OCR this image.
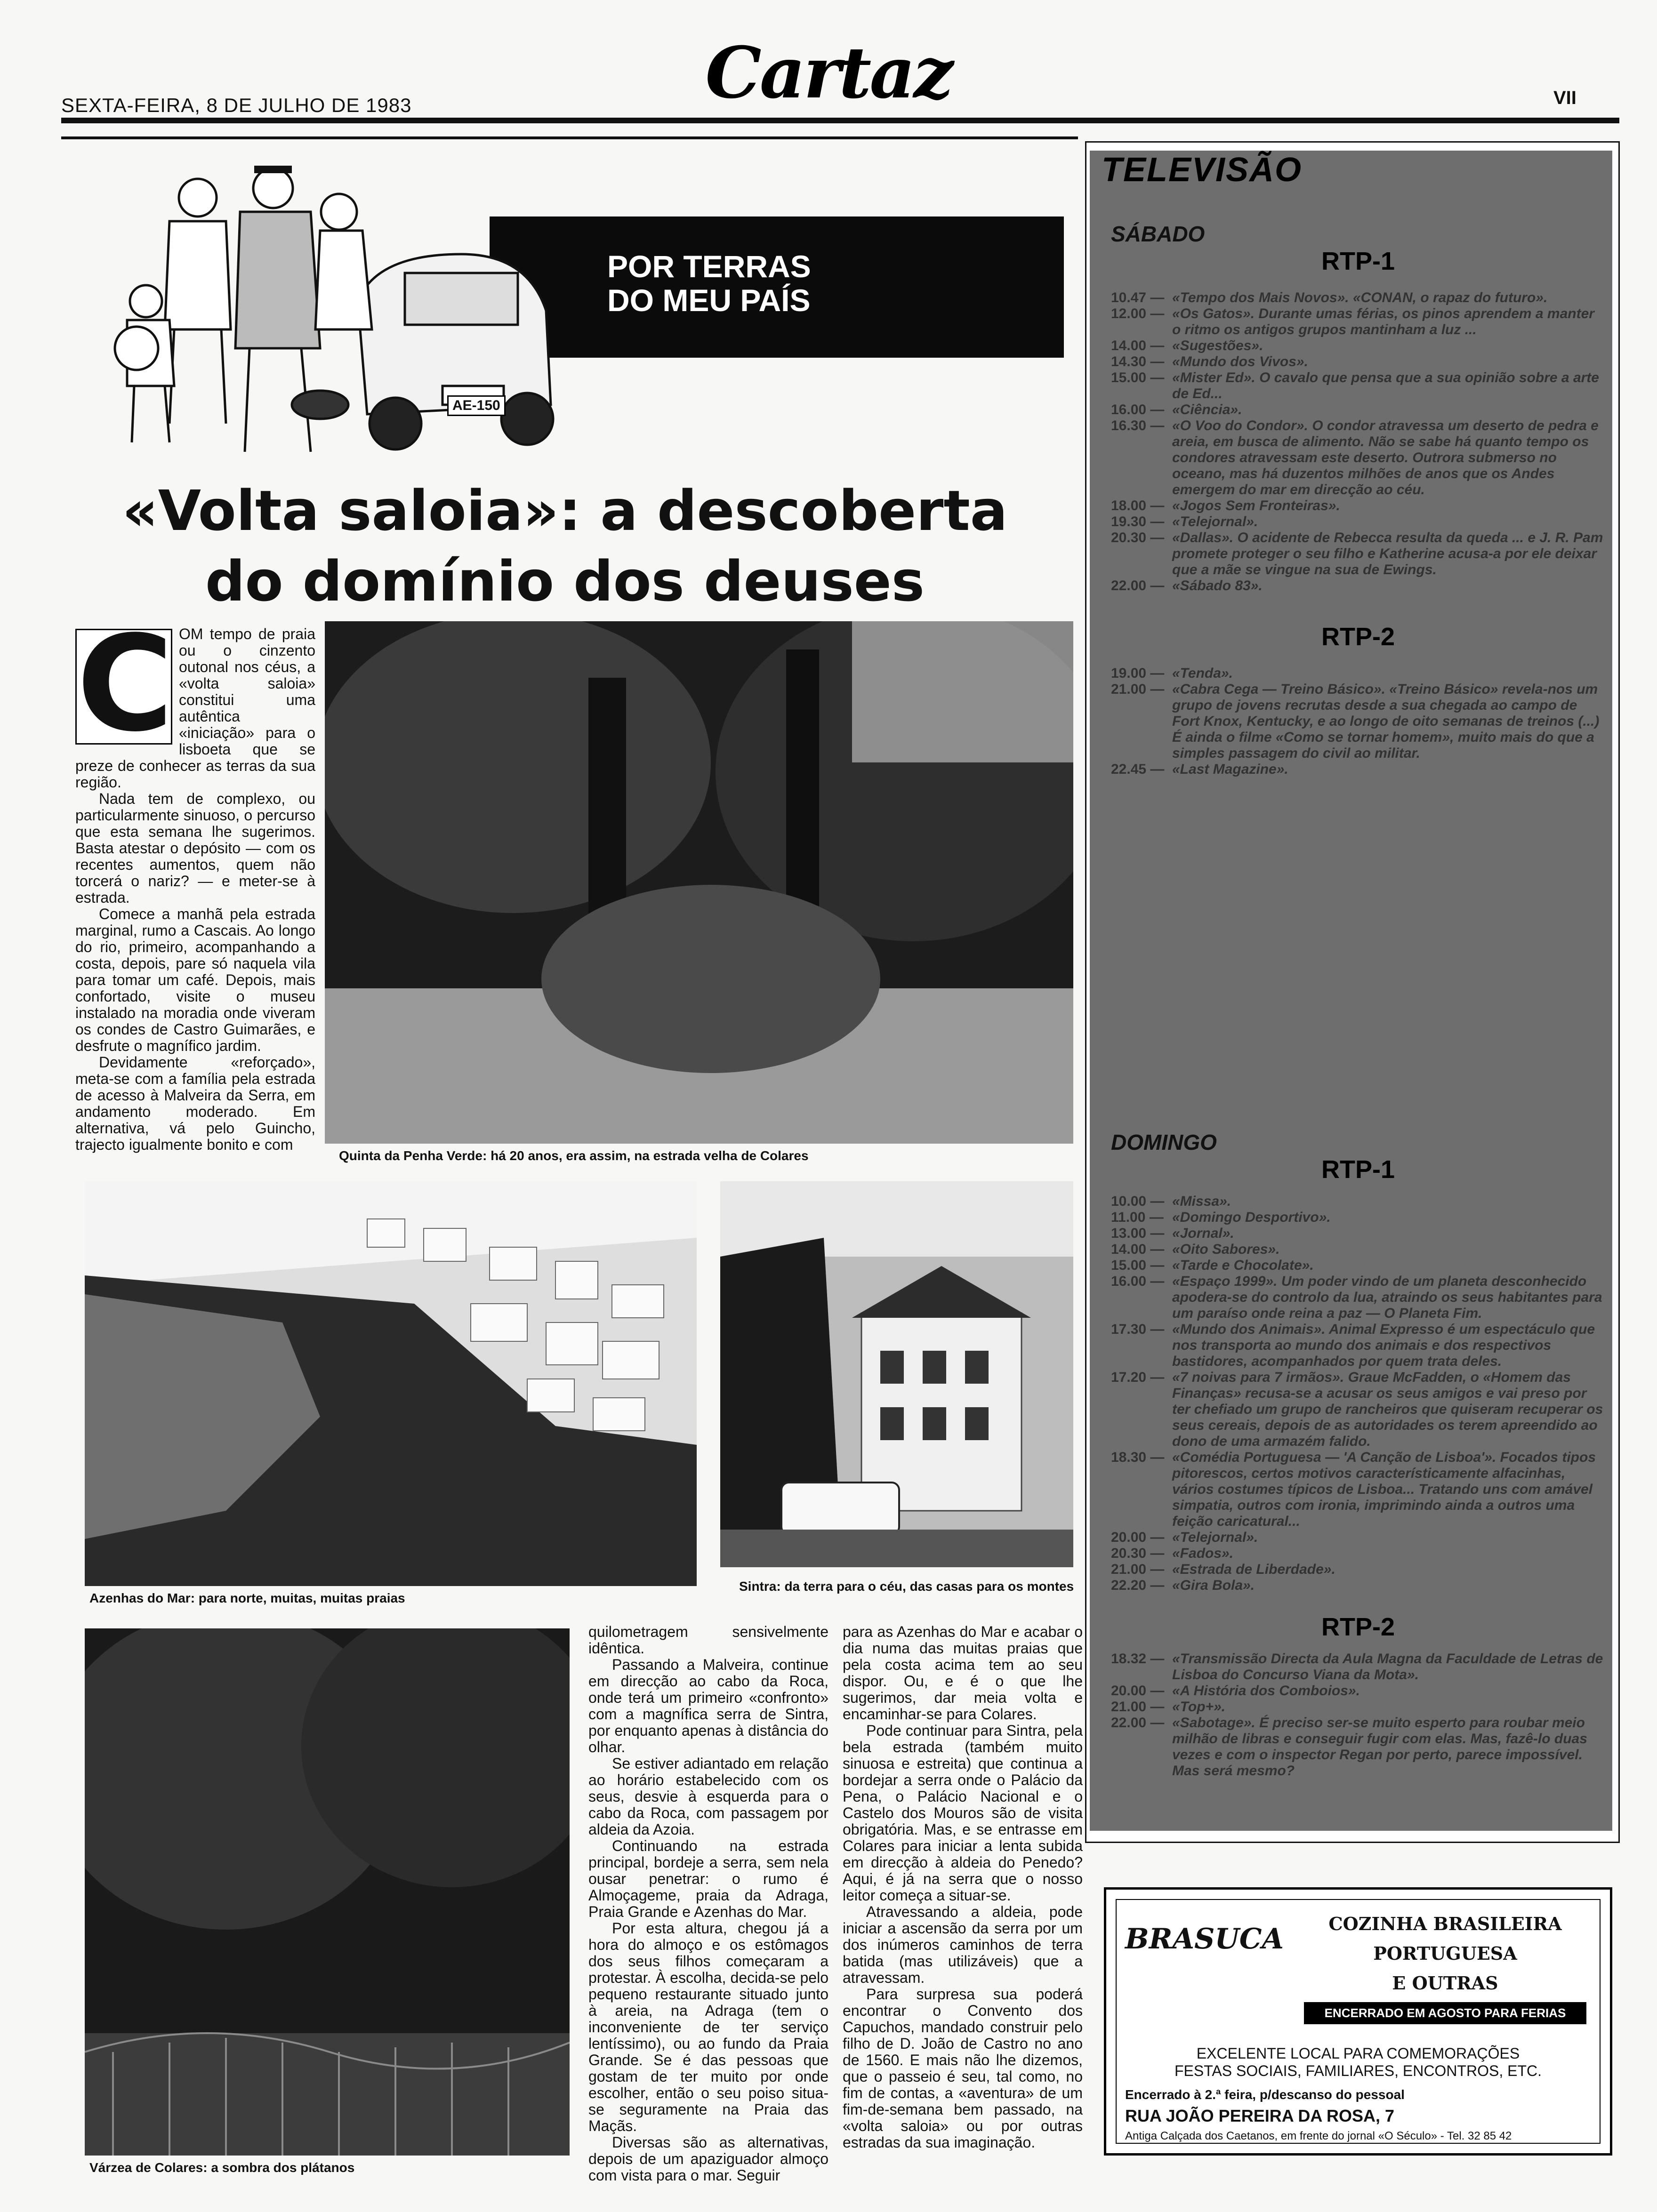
Cartaz
SEXTA-FEIRA, 8 DE JULHO DE 1983	VII
POR TERRAS
DO MEU PAÍS
AE-150
«Volta saloia»: a descoberta
do domínio dos deuses
Quinta da Penha Verde: há 20 anos, era assim, na estrada velha de Colares
C OM tempo de praia ou o cinzento outonal nos céus, a «volta saloia» constitui uma autêntica «iniciação» para o lisboeta que se preze de conhecer as terras da sua região.

Nada tem de complexo, ou particularmente sinuoso, o percurso que esta semana lhe sugerimos. Basta atestar o depósito — com os recentes aumentos, quem não torcerá o nariz? — e meter-se à estrada.

Comece a manhã pela estrada marginal, rumo a Cascais. Ao longo do rio, primeiro, acompanhando a costa, depois, pare só naquela vila para tomar um café. Depois, mais confortado, visite o museu instalado na moradia onde viveram os condes de Castro Guimarães, e desfrute o magnífico jardim.

Devidamente «reforçado», meta-se com a família pela estrada de acesso à Malveira da Serra, em andamento moderado. Em alternativa, vá pelo Guincho, trajecto igualmente bonito e com

Azenhas do Mar: para norte, muitas, muitas praias
Sintra: da terra para o céu, das casas para os montes
Várzea de Colares: a sombra dos plátanos

quilometragem sensivelmente idêntica.

Passando a Malveira, continue em direcção ao cabo da Roca, onde terá um primeiro «confronto» com a magnífica serra de Sintra, por enquanto apenas à distância do olhar.

Se estiver adiantado em relação ao horário estabelecido com os seus, desvie à esquerda para o cabo da Roca, com passagem por aldeia da Azoia.

Continuando na estrada principal, bordeje a serra, sem nela ousar penetrar: o rumo é Almoçageme, praia da Adraga, Praia Grande e Azenhas do Mar.

Por esta altura, chegou já a hora do almoço e os estômagos dos seus filhos começaram a protestar. À escolha, decida-se pelo pequeno restaurante situado junto à areia, na Adraga (tem o inconveniente de ter serviço lentíssimo), ou ao fundo da Praia Grande. Se é das pessoas que gostam de ter muito por onde escolher, então o seu poiso situa-se seguramente na Praia das Maçãs.

Diversas são as alternativas, depois de um apaziguador almoço com vista para o mar. Seguir

para as Azenhas do Mar e acabar o dia numa das muitas praias que pela costa acima tem ao seu dispor. Ou, e é o que lhe sugerimos, dar meia volta e encaminhar-se para Colares.

Pode continuar para Sintra, pela bela estrada (também muito sinuosa e estreita) que continua a bordejar a serra onde o Palácio da Pena, o Palácio Nacional e o Castelo dos Mouros são de visita obrigatória. Mas, e se entrasse em Colares para iniciar a lenta subida em direcção à aldeia do Penedo? Aqui, é já na serra que o nosso leitor começa a situar-se.

Atravessando a aldeia, pode iniciar a ascensão da serra por um dos inúmeros caminhos de terra batida (mas utilizáveis) que a atravessam.

Para surpresa sua poderá encontrar o Convento dos Capuchos, mandado construir pelo filho de D. João de Castro no ano de 1560. E mais não lhe dizemos, que o passeio é seu, tal como, no fim de contas, a «aventura» de um fim-de-semana bem passado, na «volta saloia» ou por outras estradas da sua imaginação.

TELEVISÃO
SÁBADO
RTP-1
10.47 — «Tempo dos Mais Novos». «CONAN, o rapaz do futuro».
12.00 — «Os Gatos». Durante umas férias, os pinos aprendem a manter o ritmo os antigos grupos mantinham a luz ...
14.00 — «Sugestões».
14.30 — «Mundo dos Vivos».
15.00 — «Mister Ed». O cavalo que pensa que a sua opinião sobre a arte de Ed...
16.00 — «Ciência».
16.30 — «O Voo do Condor». O condor atravessa um deserto de pedra e areia, em busca de alimento. Não se sabe há quanto tempo os condores atravessam este deserto. Outrora submerso no oceano, mas há duzentos milhões de anos que os Andes emergem do mar em direcção ao céu.
18.00 — «Jogos Sem Fronteiras».
19.30 — «Telejornal».
20.30 — «Dallas». O acidente de Rebecca resulta da queda ... e J. R. Pam promete proteger o seu filho e Katherine acusa-a por ele deixar que a mãe se vingue na sua de Ewings.
22.00 — «Sábado 83».
RTP-2
19.00 — «Tenda».
21.00 — «Cabra Cega — Treino Básico». «Treino Básico» revela-nos um grupo de jovens recrutas desde a sua chegada ao campo de Fort Knox, Kentucky, e ao longo de oito semanas de treinos (...) É ainda o filme «Como se tornar homem», muito mais do que a simples passagem do civil ao militar.
22.45 — «Last Magazine».
DOMINGO
RTP-1
10.00 — «Missa».
11.00 — «Domingo Desportivo».
13.00 — «Jornal».
14.00 — «Oito Sabores».
15.00 — «Tarde e Chocolate».
16.00 — «Espaço 1999». Um poder vindo de um planeta desconhecido apodera-se do controlo da lua, atraindo os seus habitantes para um paraíso onde reina a paz — O Planeta Fim.
17.30 — «Mundo dos Animais». Animal Expresso é um espectáculo que nos transporta ao mundo dos animais e dos respectivos bastidores, acompanhados por quem trata deles.
17.20 — «7 noivas para 7 irmãos». Graue McFadden, o «Homem das Finanças» recusa-se a acusar os seus amigos e vai preso por ter chefiado um grupo de rancheiros que quiseram recuperar os seus cereais, depois de as autoridades os terem apreendido ao dono de uma armazém falido.
18.30 — «Comédia Portuguesa — 'A Canção de Lisboa'». Focados tipos pitorescos, certos motivos característicamente alfacinhas, vários costumes típicos de Lisboa... Tratando uns com amável simpatia, outros com ironia, imprimindo ainda a outros uma feição caricatural...
20.00 — «Telejornal».
20.30 — «Fados».
21.00 — «Estrada de Liberdade».
22.20 — «Gira Bola».
RTP-2
18.32 — «Transmissão Directa da Aula Magna da Faculdade de Letras de Lisboa do Concurso Viana da Mota».
20.00 — «A História dos Comboios».
21.00 — «Top+».
22.00 — «Sabotage». É preciso ser-se muito esperto para roubar meio milhão de libras e conseguir fugir com elas. Mas, fazê-lo duas vezes e com o inspector Regan por perto, parece impossível. Mas será mesmo?
BRASUCA	COZINHA BRASILEIRA
PORTUGUESA
E OUTRAS
ENCERRADO EM AGOSTO PARA FERIAS
EXCELENTE LOCAL PARA COMEMORAÇÕES
FESTAS SOCIAIS, FAMILIARES, ENCONTROS, ETC.
Encerrado à 2.ª feira, p/descanso do pessoal
RUA JOÃO PEREIRA DA ROSA, 7
Antiga Calçada dos Caetanos, em frente do jornal «O Século» - Tel. 32 85 42
